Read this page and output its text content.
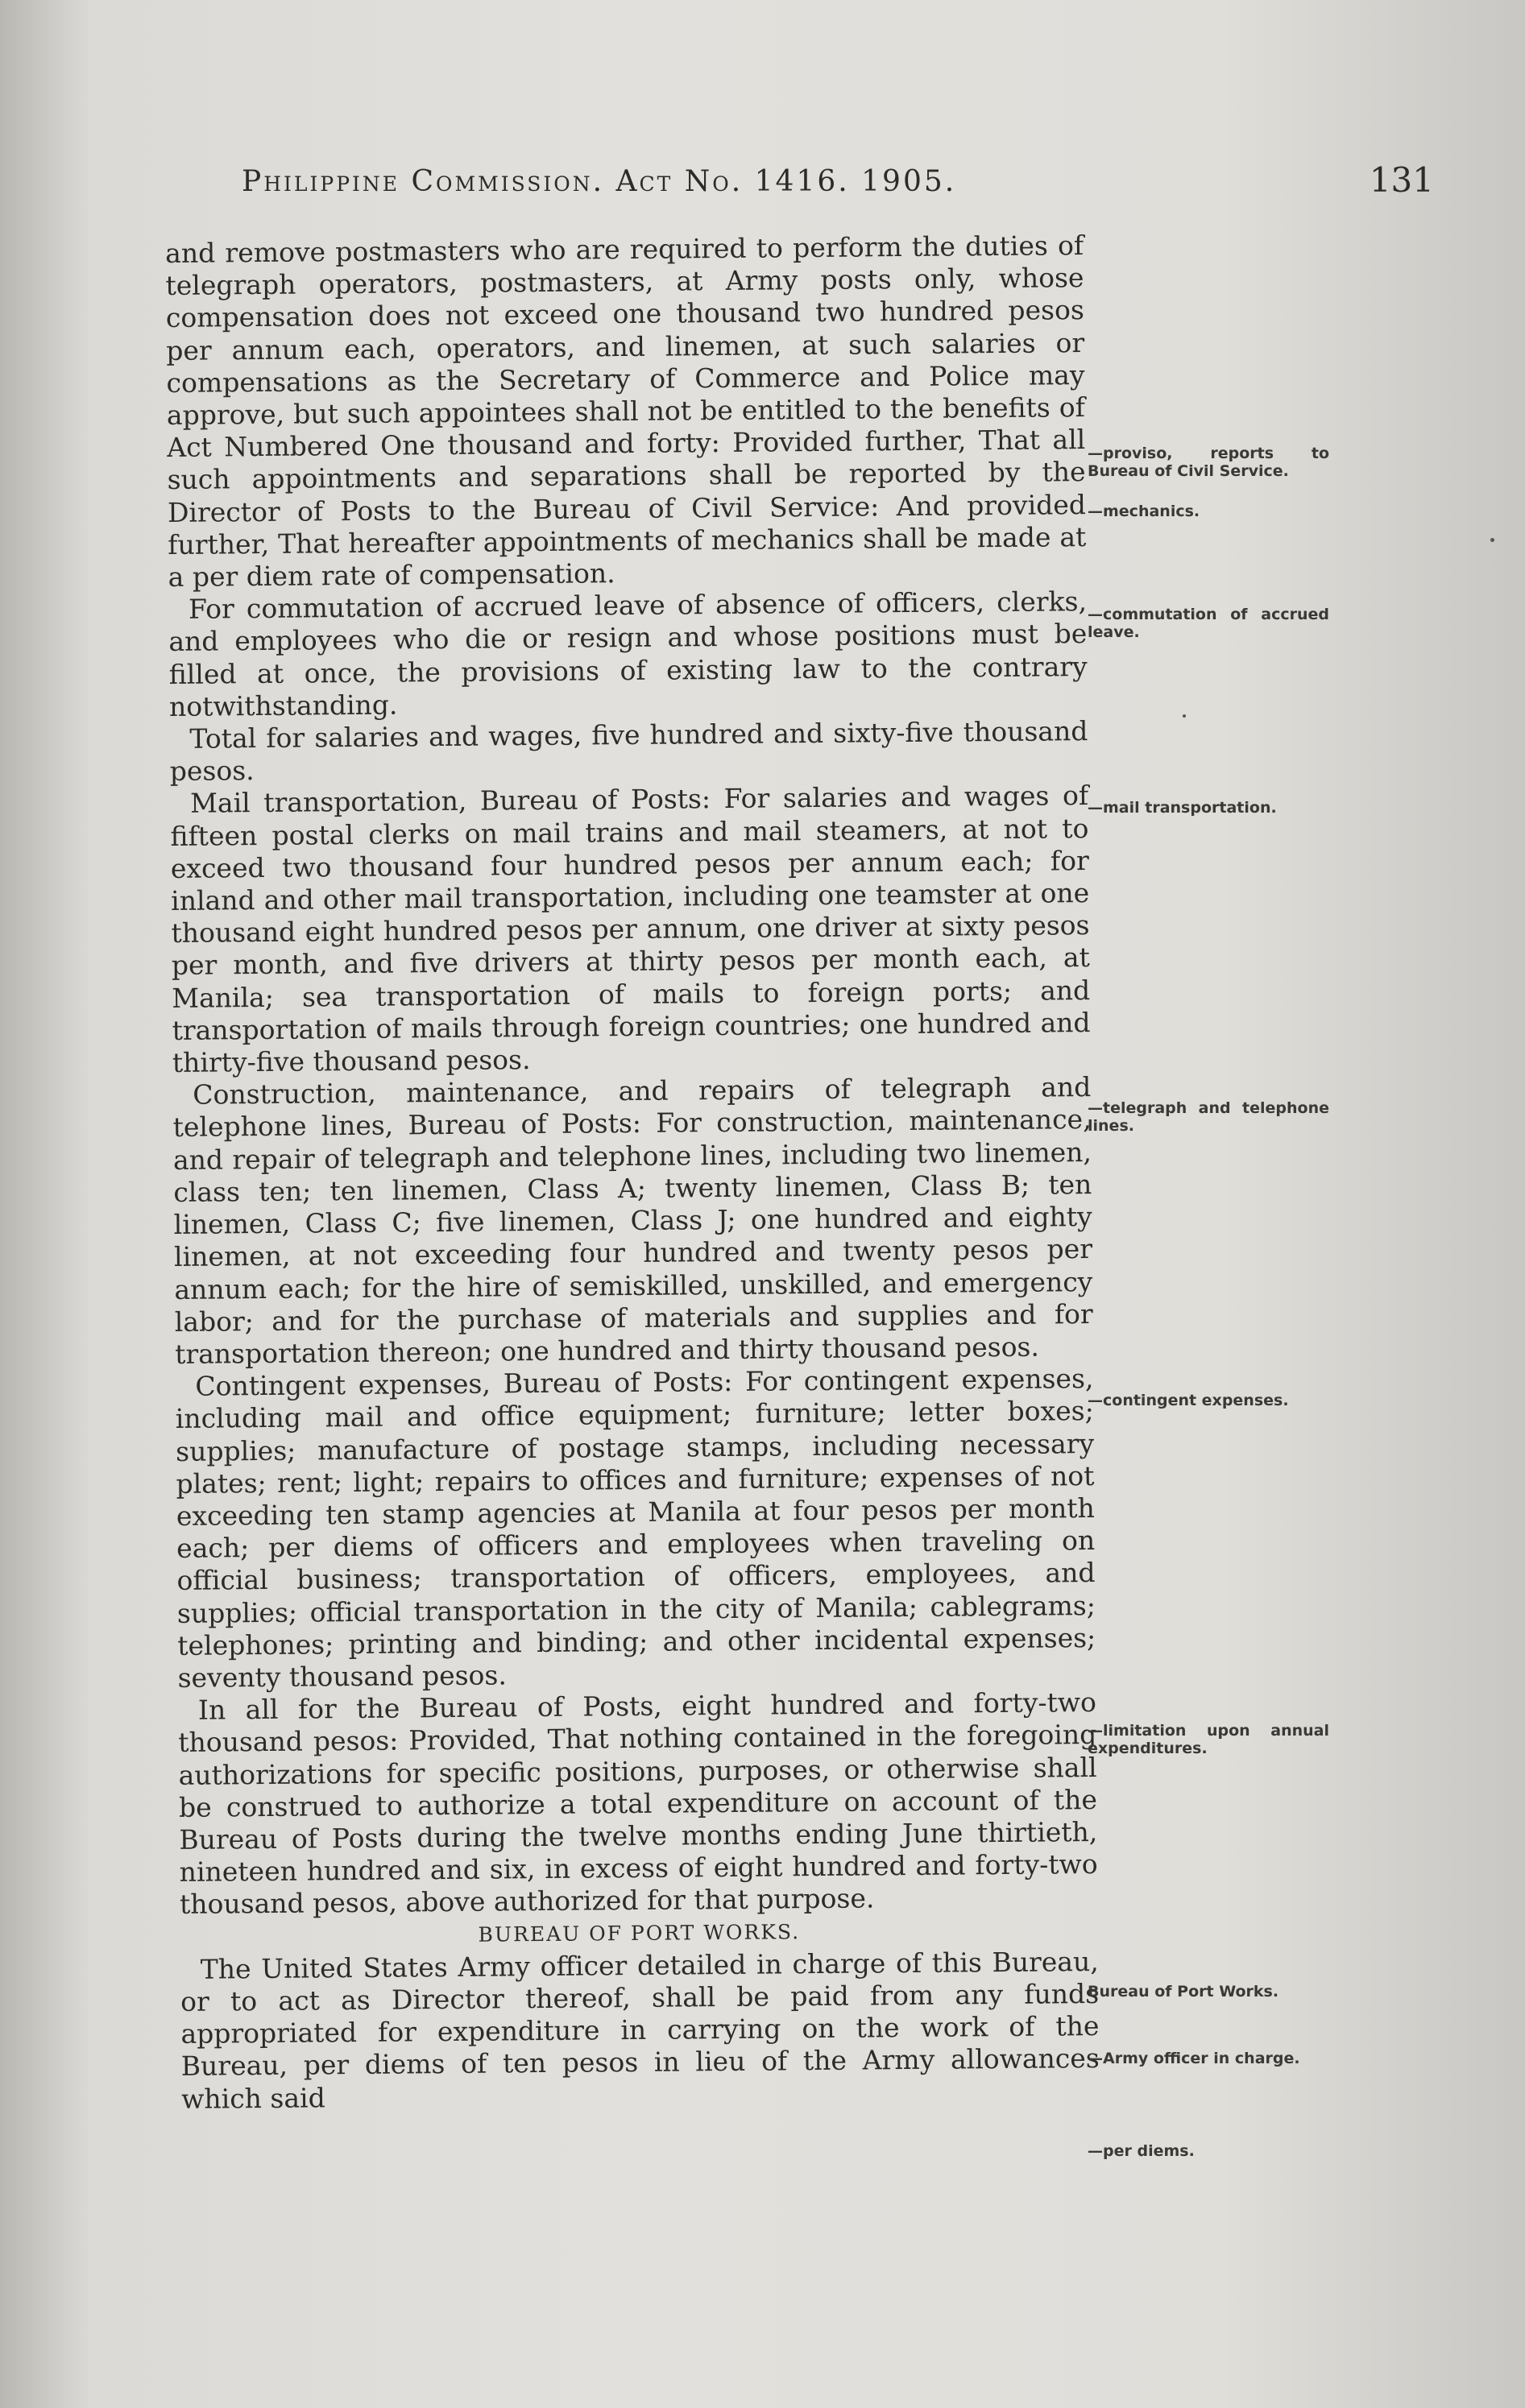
Philippine Commission. Act No. 1416. 1905.	131

and remove postmasters who are required to perform the duties of telegraph operators, postmasters, at Army posts only, whose compensation does not exceed one thousand two hundred pesos per annum each, operators, and linemen, at such salaries or compensations as the Secretary of Commerce and Police may approve, but such appointees shall not be entitled to the benefits of Act Numbered One thousand and forty: Provided further, That all such appointments and separations shall be reported by the Director of Posts to the Bureau of Civil Service: And provided further, That hereafter appointments of mechanics shall be made at a per diem rate of compensation.

For commutation of accrued leave of absence of officers, clerks, and employees who die or resign and whose positions must be filled at once, the provisions of existing law to the contrary notwithstanding.

Total for salaries and wages, five hundred and sixty-five thousand pesos.

Mail transportation, Bureau of Posts: For salaries and wages of fifteen postal clerks on mail trains and mail steamers, at not to exceed two thousand four hundred pesos per annum each; for inland and other mail transportation, including one teamster at one thousand eight hundred pesos per annum, one driver at sixty pesos per month, and five drivers at thirty pesos per month each, at Manila; sea transportation of mails to foreign ports; and transportation of mails through foreign countries; one hundred and thirty-five thousand pesos.

Construction, maintenance, and repairs of telegraph and telephone lines, Bureau of Posts: For construction, maintenance, and repair of telegraph and telephone lines, including two linemen, class ten; ten linemen, Class A; twenty linemen, Class B; ten linemen, Class C; five linemen, Class J; one hundred and eighty linemen, at not exceeding four hundred and twenty pesos per annum each; for the hire of semiskilled, unskilled, and emergency labor; and for the purchase of materials and supplies and for transportation thereon; one hundred and thirty thousand pesos.

Contingent expenses, Bureau of Posts: For contingent expenses, including mail and office equipment; furniture; letter boxes; supplies; manufacture of postage stamps, including necessary plates; rent; light; repairs to offices and furniture; expenses of not exceeding ten stamp agencies at Manila at four pesos per month each; per diems of officers and employees when traveling on official business; transportation of officers, employees, and supplies; official transportation in the city of Manila; cablegrams; telephones; printing and binding; and other incidental expenses; seventy thousand pesos.

In all for the Bureau of Posts, eight hundred and forty-two thousand pesos: Provided, That nothing contained in the foregoing authorizations for specific positions, purposes, or otherwise shall be construed to authorize a total expenditure on account of the Bureau of Posts during the twelve months ending June thirtieth, nineteen hundred and six, in excess of eight hundred and forty-two thousand pesos, above authorized for that purpose.

BUREAU OF PORT WORKS.

The United States Army officer detailed in charge of this Bureau, or to act as Director thereof, shall be paid from any funds appropriated for expenditure in carrying on the work of the Bureau, per diems of ten pesos in lieu of the Army allowances which said

—proviso, reports to Bureau of Civil Service.
—mechanics.
—commutation of accrued leave.
—mail transportation.
—telegraph and telephone lines.
—contingent expenses.
—limitation upon annual expenditures.
Bureau of Port Works.
—Army officer in charge.
—per diems.
